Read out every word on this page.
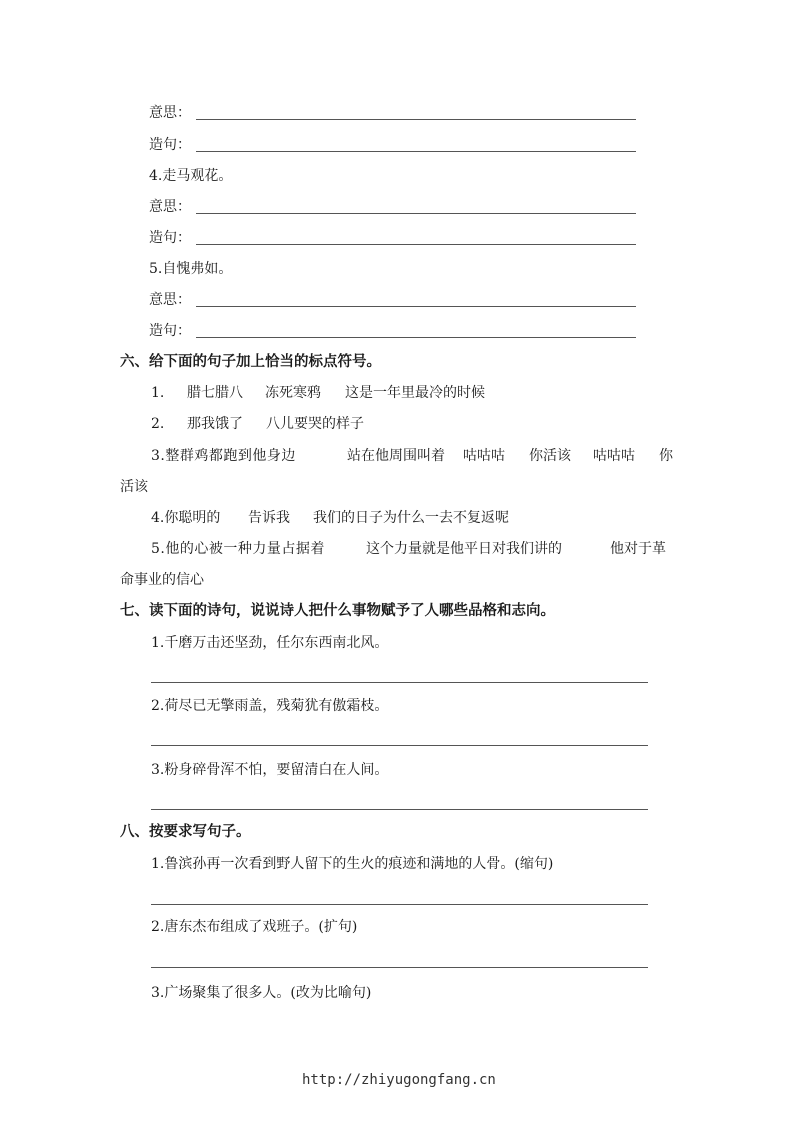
意思：
造句：
4.走马观花。
意思：
造句：
5.自愧弗如。
意思：
造句：
六、给下面的句子加上恰当的标点符号。
1. 腊七腊八 冻死寒鸦 这是一年里最冷的时候
2. 那我饿了 八儿要哭的样子
3.整群鸡都跑到他身边	站在他周围叫着 咕咕咕 你活该 咕咕咕 你
活该
4.你聪明的 告诉我 我们的日子为什么一去不复返呢
5.他的心被一种力量占据着	这个力量就是他平日对我们讲的	他对于革
命事业的信心
七、读下面的诗句，说说诗人把什么事物赋予了人哪些品格和志向。
1.千磨万击还坚劲，任尔东西南北风。
2.荷尽已无擎雨盖，残菊犹有傲霜枝。
3.粉身碎骨浑不怕，要留清白在人间。
八、按要求写句子。
1.鲁滨孙再一次看到野人留下的生火的痕迹和满地的人骨。(缩句)
2.唐东杰布组成了戏班子。(扩句)
3.广场聚集了很多人。(改为比喻句)
http://zhiyugongfang.cn
